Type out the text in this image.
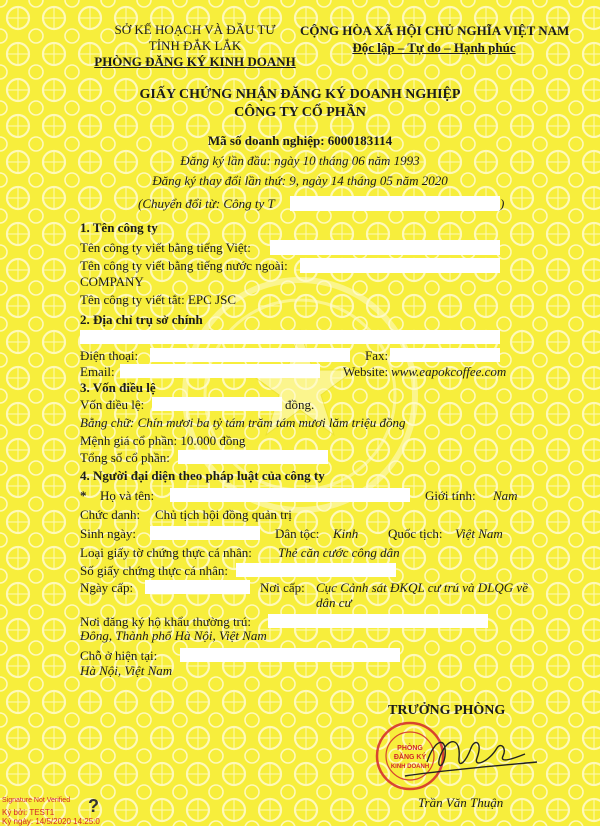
SỞ KẾ HOẠCH VÀ ĐẦU TƯ
TỈNH ĐẮK LẮK
PHÒNG ĐĂNG KÝ KINH DOANH
CỘNG HÒA XÃ HỘI CHỦ NGHĨA VIỆT NAM
Độc lập – Tự do – Hạnh phúc
GIẤY CHỨNG NHẬN ĐĂNG KÝ DOANH NGHIỆP
CÔNG TY CỔ PHẦN
Mã số doanh nghiệp: 6000183114
Đăng ký lần đầu: ngày 10 tháng 06 năm 1993
Đăng ký thay đổi lần thứ: 9, ngày 14 tháng 05 năm 2020
(Chuyển đổi từ: Công ty T	)
1. Tên công ty
Tên công ty viết bằng tiếng Việt:
Tên công ty viết bằng tiếng nước ngoài:
COMPANY
Tên công ty viết tắt: EPC JSC
2. Địa chỉ trụ sở chính
Điện thoại:	Fax:
Email:	Website: www.eapokcoffee.com
3. Vốn điều lệ
Vốn điều lệ:	đồng.
Bằng chữ: Chín mươi ba tỷ tám trăm tám mươi lăm triệu đồng
Mệnh giá cổ phần: 10.000 đồng
Tổng số cổ phần:
4. Người đại diện theo pháp luật của công ty
* Họ và tên:	Giới tính: Nam
Chức danh: Chủ tịch hội đồng quản trị
Sinh ngày:	Dân tộc: Kinh Quốc tịch: Việt Nam
Loại giấy tờ chứng thực cá nhân: Thẻ căn cước công dân
Số giấy chứng thực cá nhân:
Ngày cấp:	Nơi cấp: Cục Cảnh sát ĐKQL cư trú và DLQG về
dân cư
Nơi đăng ký hộ khẩu thường trú:
Đông, Thành phố Hà Nội, Việt Nam
Chỗ ở hiện tại:
Hà Nội, Việt Nam
TRƯỞNG PHÒNG
PHÒNG
ĐĂNG KÝ
KINH DOANH
Trần Văn Thuận
Signature Not Verified
Ký bởi: TEST1
Ký ngày: 14/5/2020 14:25:0
?
